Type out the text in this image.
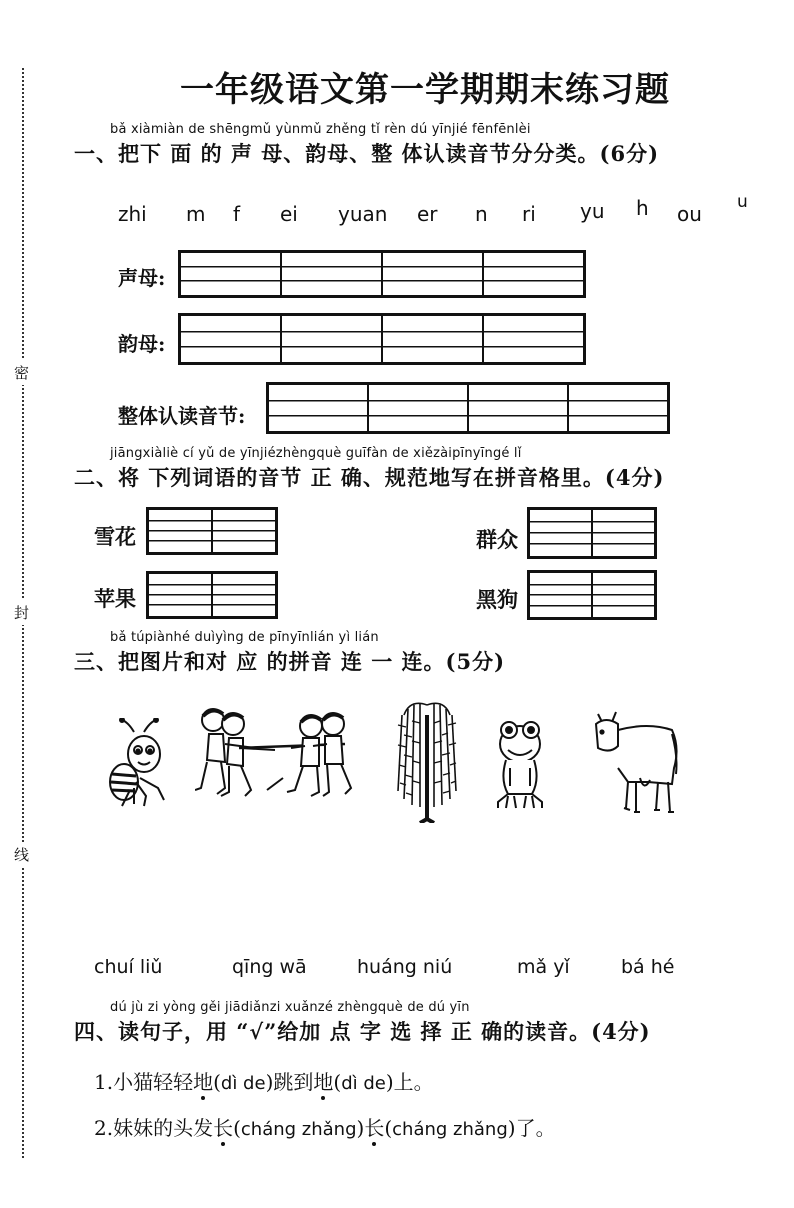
密
封
线
一年级语文第一学期期末练习题
bǎ xiàmiàn de shēngmǔ yùnmǔ zhěng tǐ rèn dú yīnjié fēnfēnlèi
一、把下 面 的 声 母、韵母、整 体认读音节分分类。(6分)
zhi m f ei yuan er n ri yu h ou u
声母:
韵母:
整体认读音节:
jiāngxiàliè cí yǔ de yīnjiézhèngquè guīfàn de xiězàipīnyīngé lǐ
二、将 下列词语的音节 正 确、规范地写在拼音格里。(4分)
雪花	群众
苹果	黑狗
bǎ túpiànhé duìyìng de pīnyīnlián yì lián
三、把图片和对 应 的拼音 连 一 连。(5分)
chuí liǔ	qīng wā	huáng niú	mǎ yǐ	bá hé
dú jù zi yòng gěi jiādiǎnzi xuǎnzé zhèngquè de dú yīn
四、读句子，用 “√”给加 点 字 选 择 正 确的读音。(4分)
1.小猫轻轻地(dì de)跳到地(dì de)上。
2.妹妹的头发长(cháng zhǎng)长(cháng zhǎng)了。
